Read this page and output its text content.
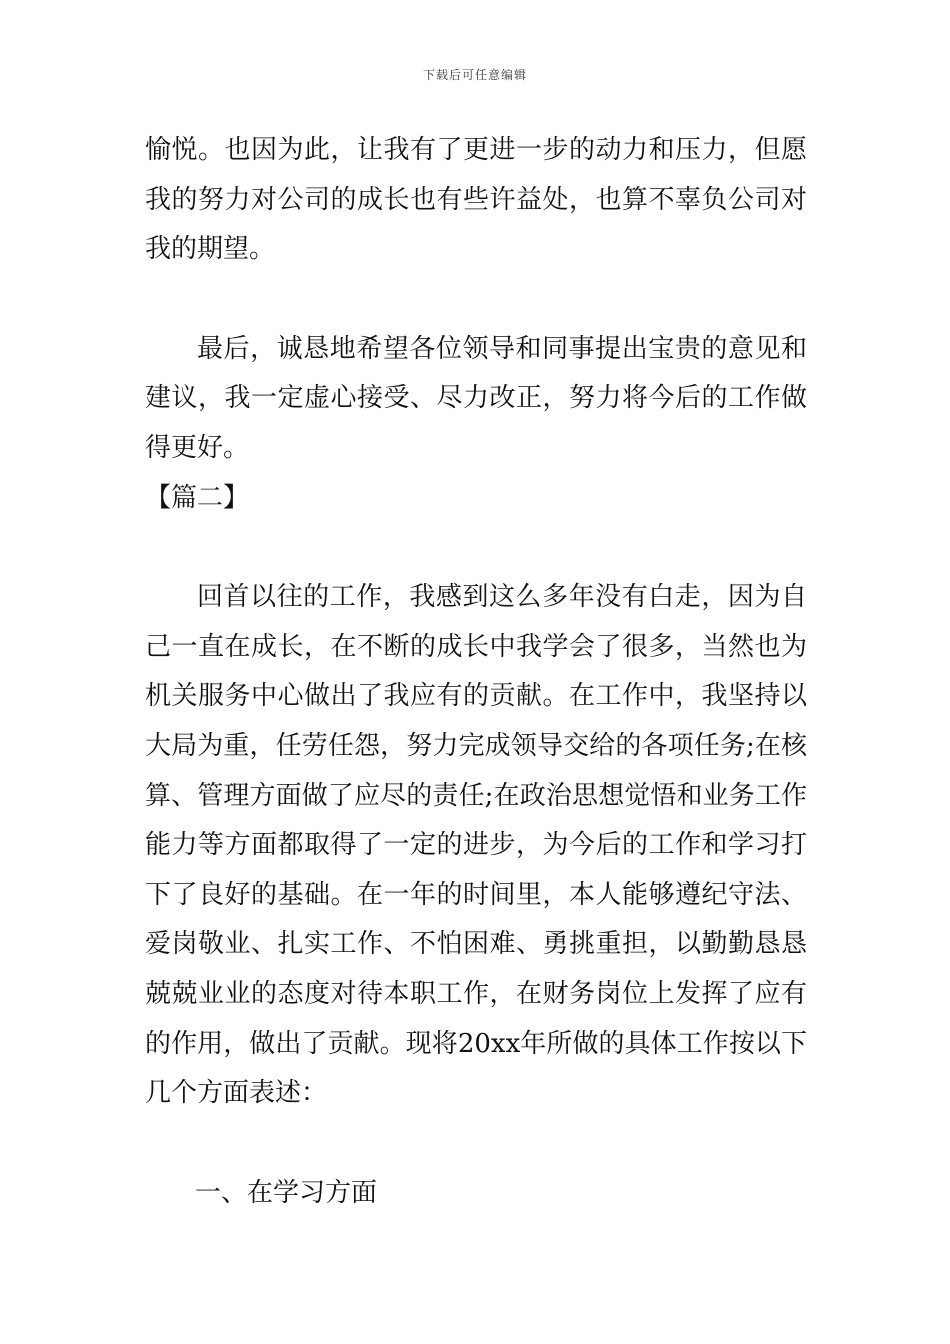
下载后可任意编辑

愉悦。也因为此，让我有了更进一步的动力和压力，但愿我的努力对公司的成长也有些许益处，也算不辜负公司对我的期望。

最后，诚恳地希望各位领导和同事提出宝贵的意见和建议，我一定虚心接受、尽力改正，努力将今后的工作做得更好。

【篇二】

回首以往的工作，我感到这么多年没有白走，因为自己一直在成长，在不断的成长中我学会了很多，当然也为机关服务中心做出了我应有的贡献。在工作中，我坚持以大局为重，任劳任怨，努力完成领导交给的各项任务;在核算、管理方面做了应尽的责任;在政治思想觉悟和业务工作能力等方面都取得了一定的进步，为今后的工作和学习打下了良好的基础。在一年的时间里，本人能够遵纪守法、爱岗敬业、扎实工作、不怕困难、勇挑重担，以勤勤恳恳兢兢业业的态度对待本职工作，在财务岗位上发挥了应有的作用，做出了贡献。现将20xx年所做的具体工作按以下几个方面表述：

一、在学习方面
